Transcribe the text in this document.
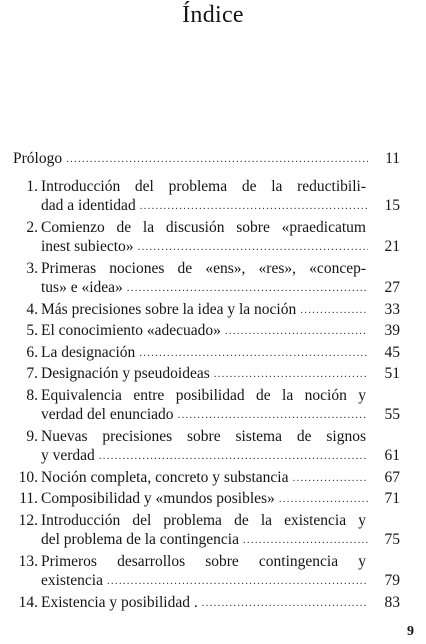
Índice
Prólogo .....	11
1. Introducción del problema de la reductibili-
dad a identidad .....	15
2. Comienzo de la discusión sobre «praedicatum
inest subiecto» .....	21
3. Primeras nociones de «ens», «res», «concep-
tus» e «idea» .....	27
4. Más precisiones sobre la idea y la noción .....	33
5. El conocimiento «adecuado» .....	39
6. La designación .....	45
7. Designación y pseudoideas .....	51
8. Equivalencia entre posibilidad de la noción y
verdad del enunciado .....	55
9. Nuevas precisiones sobre sistema de signos
y verdad .....	61
10. Noción completa, concreto y substancia .....	67
11. Composibilidad y «mundos posibles» .....	71
12. Introducción del problema de la existencia y
del problema de la contingencia .....	75
13. Primeros desarrollos sobre contingencia y
existencia .....	79
14. Existencia y posibilidad . .....	83
9
